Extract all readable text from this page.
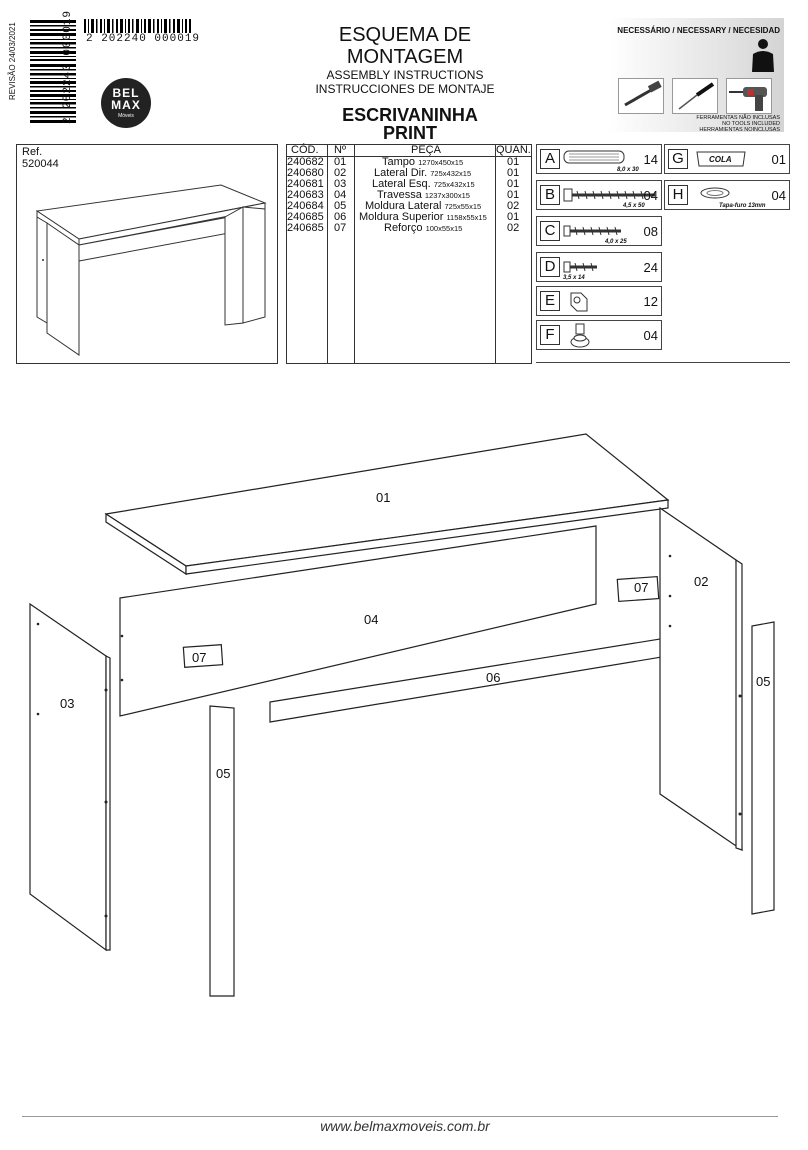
REVISÃO 24/03/2021	2 202240 000019 2 202240 000019
BEL
MAX
Móveis
ESQUEMA DE MONTAGEM
ASSEMBLY INSTRUCTIONS
INSTRUCCIONES DE MONTAJE
ESCRIVANINHA
PRINT
NECESSÁRIO / NECESSARY / NECESIDAD
FERRAMENTAS NÃO INCLUSAS
NO TOOLS INCLUDED
HERRAMIENTAS NOINCLUSAS
Ref.
520044
CÓD. Nº	PEÇA	QUAN.
240682 01	Tampo 1270x450x15	01
240680 02	Lateral Dir. 725x432x15	01
240681 03 Lateral Esq. 725x432x15	01
240683 04	Travessa 1237x300x15	01
240684 05 Moldura Lateral 725x55x15 02
240685 06 Moldura Superior 1158x55x15 01
240685 07	Reforço 100x55x15	02
A	14
8,0 x 30
B	04
4,5 x 50
C	08
4,0 x 25
D	24
3,5 x 14
E	12
F	04
G	COLA	01
H	04
Tapa-furo 13mm
01
02
03
04
05
05
06
07
07
www.belmaxmoveis.com.br
